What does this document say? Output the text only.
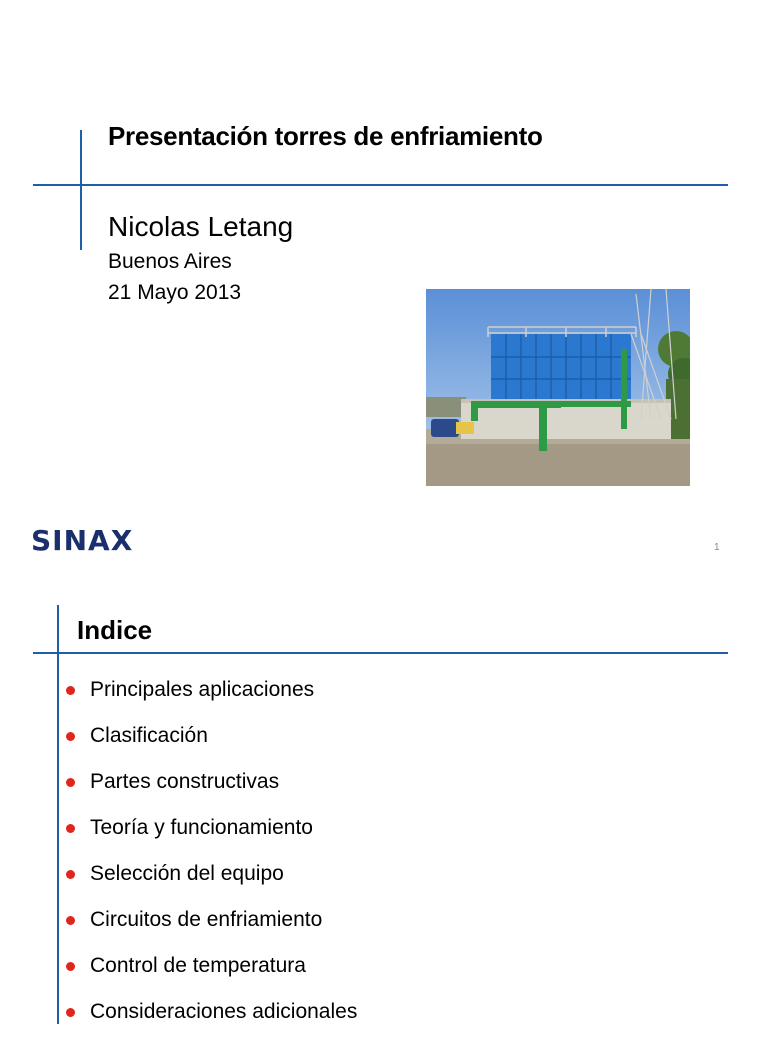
Presentación torres de enfriamiento
Nicolas Letang
Buenos Aires
21 Mayo 2013
SINAX	1
Indice
Principales aplicaciones
Clasificación
Partes constructivas
Teoría y funcionamiento
Selección del equipo
Circuitos de enfriamiento
Control de temperatura
Consideraciones adicionales
